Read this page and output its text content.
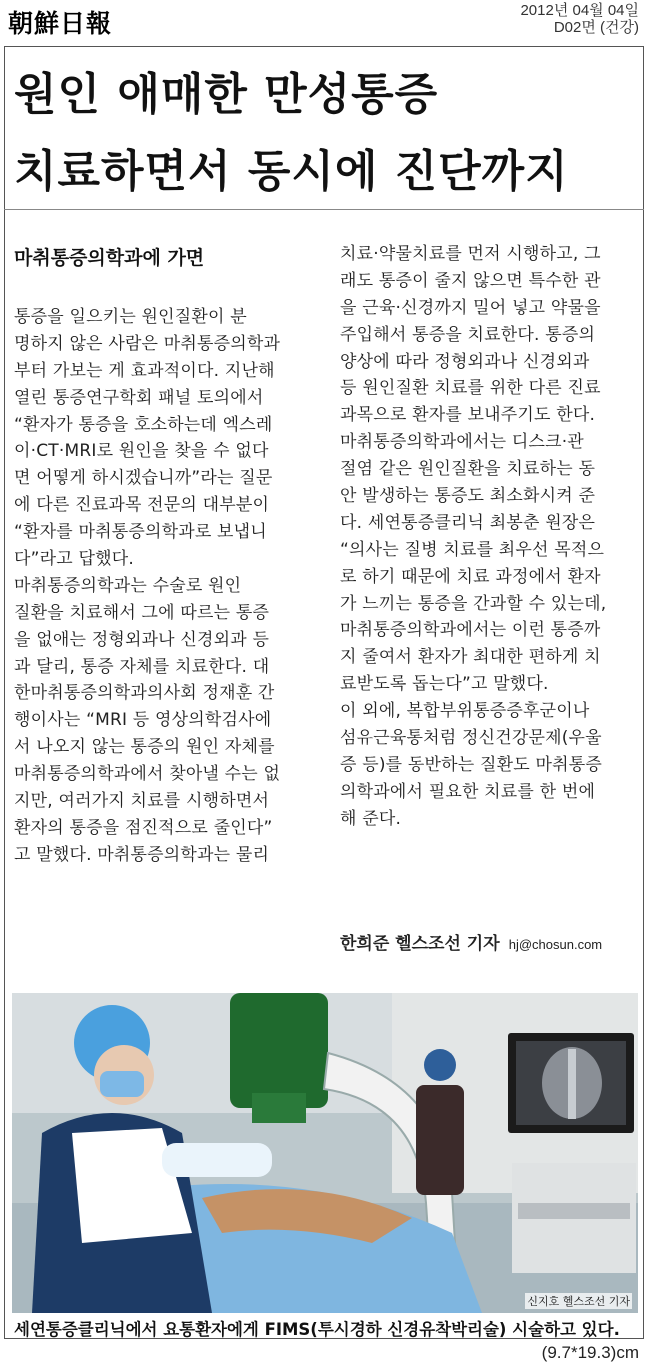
朝鮮日報	2012년 04월 04일
D02면 (건강)
원인 애매한 만성통증
치료하면서 동시에 진단까지
마취통증의학과에 가면
통증을 일으키는 원인질환이 분
명하지 않은 사람은 마취통증의학과
부터 가보는 게 효과적이다. 지난해
열린 통증연구학회 패널 토의에서
“환자가 통증을 호소하는데 엑스레
이·CT·MRI로 원인을 찾을 수 없다
면 어떻게 하시겠습니까”라는 질문
에 다른 진료과목 전문의 대부분이
“환자를 마취통증의학과로 보냅니
다”라고 답했다.
마취통증의학과는 수술로 원인
질환을 치료해서 그에 따르는 통증
을 없애는 정형외과나 신경외과 등
과 달리, 통증 자체를 치료한다. 대
한마취통증의학과의사회 정재훈 간
행이사는 “MRI 등 영상의학검사에
서 나오지 않는 통증의 원인 자체를
마취통증의학과에서 찾아낼 수는 없
지만, 여러가지 치료를 시행하면서
환자의 통증을 점진적으로 줄인다”
고 말했다. 마취통증의학과는 물리
치료·약물치료를 먼저 시행하고, 그
래도 통증이 줄지 않으면 특수한 관
을 근육·신경까지 밀어 넣고 약물을
주입해서 통증을 치료한다. 통증의
양상에 따라 정형외과나 신경외과
등 원인질환 치료를 위한 다른 진료
과목으로 환자를 보내주기도 한다.
마취통증의학과에서는 디스크·관
절염 같은 원인질환을 치료하는 동
안 발생하는 통증도 최소화시켜 준
다. 세연통증클리닉 최봉춘 원장은
“의사는 질병 치료를 최우선 목적으
로 하기 때문에 치료 과정에서 환자
가 느끼는 통증을 간과할 수 있는데,
마취통증의학과에서는 이런 통증까
지 줄여서 환자가 최대한 편하게 치
료받도록 돕는다”고 말했다.
이 외에, 복합부위통증증후군이나
섬유근육통처럼 정신건강문제(우울
증 등)를 동반하는 질환도 마취통증
의학과에서 필요한 치료를 한 번에
해 준다.
한희준 헬스조선 기자 hj@chosun.com
신지호 헬스조선 기자
세연통증클리닉에서 요통환자에게 FIMS(투시경하 신경유착박리술) 시술하고 있다.
(9.7*19.3)cm
